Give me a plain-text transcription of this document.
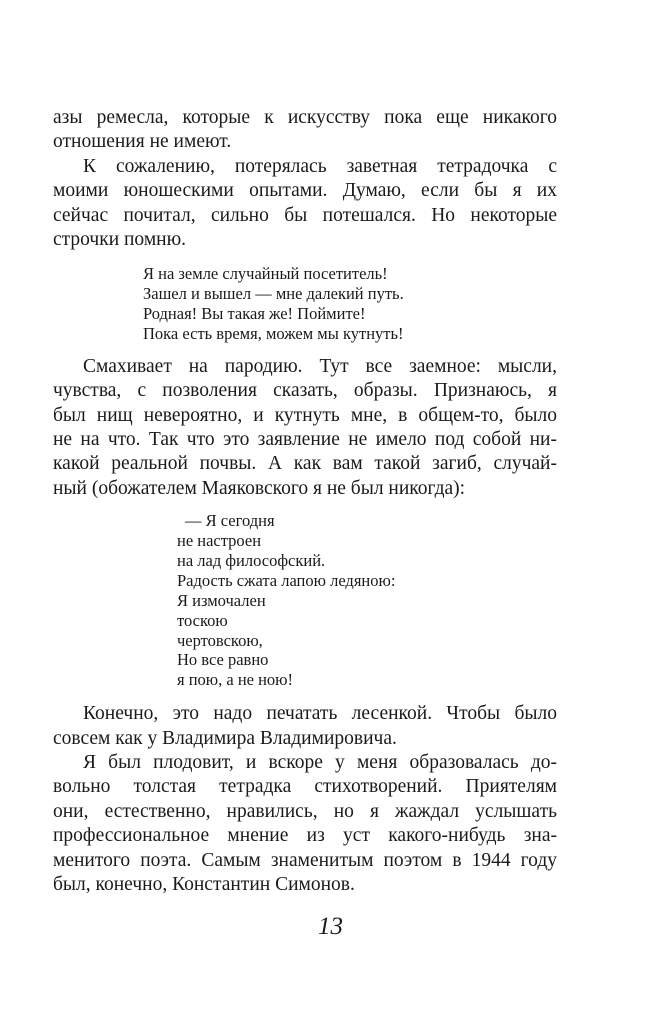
азы ремесла, которые к искусству пока еще никакого
отношения не имеют.
К сожалению, потерялась заветная тетрадочка с
моими юношескими опытами. Думаю, если бы я их
сейчас почитал, сильно бы потешался. Но некоторые
строчки помню.
Я на земле случайный посетитель!
Зашел и вышел — мне далекий путь.
Родная! Вы такая же! Поймите!
Пока есть время, можем мы кутнуть!
Смахивает на пародию. Тут все заемное: мысли,
чувства, с позволения сказать, образы. Признаюсь, я
был нищ невероятно, и кутнуть мне, в общем-то, было
не на что. Так что это заявление не имело под собой ни-
какой реальной почвы. А как вам такой загиб, случай-
ный (обожателем Маяковского я не был никогда):
— Я сегодня
не настроен
на лад философский.
Радость сжата лапою ледяною:
Я измочален
тоскою
чертовскою,
Но все равно
я пою, а не ною!
Конечно, это надо печатать лесенкой. Чтобы было
совсем как у Владимира Владимировича.
Я был плодовит, и вскоре у меня образовалась до-
вольно толстая тетрадка стихотворений. Приятелям
они, естественно, нравились, но я жаждал услышать
профессиональное мнение из уст какого-нибудь зна-
менитого поэта. Самым знаменитым поэтом в 1944 году
был, конечно, Константин Симонов.
13
